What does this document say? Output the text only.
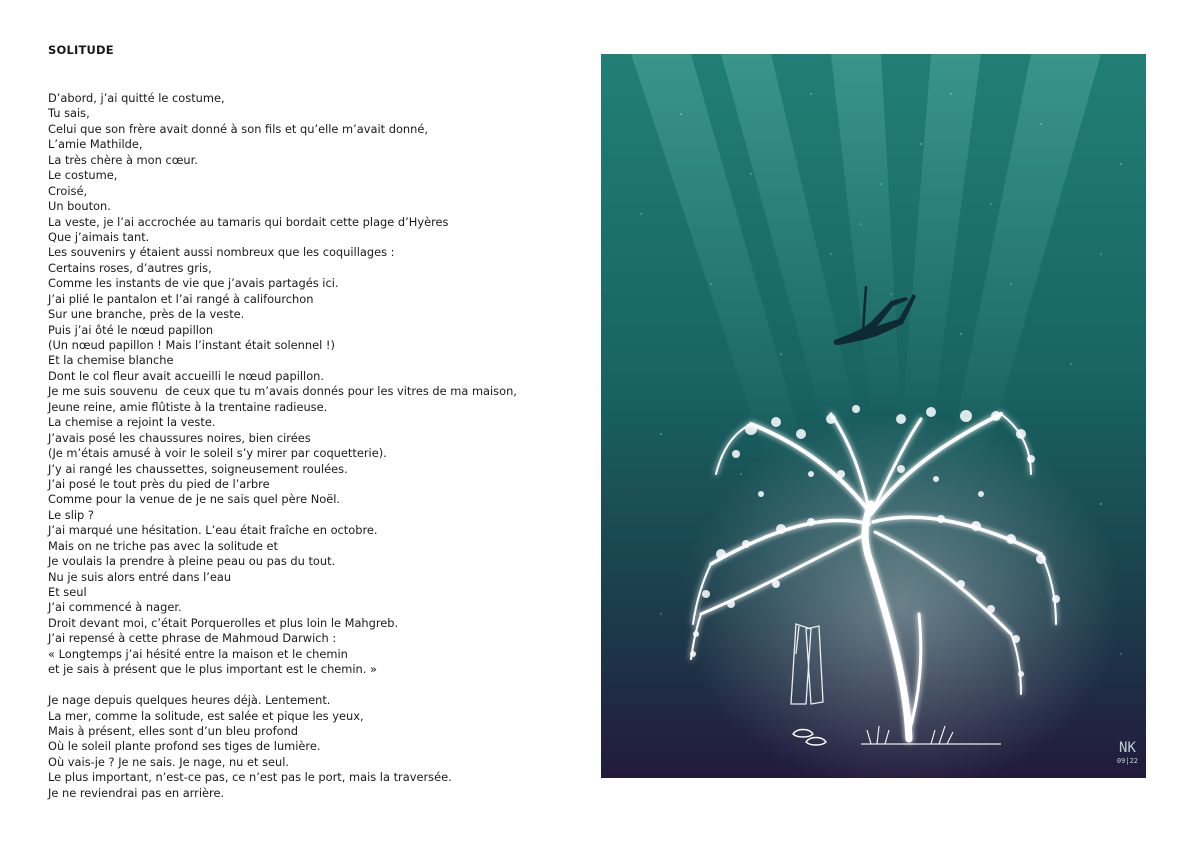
SOLITUDE
D’abord, j’ai quitté le costume,
Tu sais,
Celui que son frère avait donné à son fils et qu’elle m’avait donné,
L’amie Mathilde,
La très chère à mon cœur.
Le costume,
Croisé,
Un bouton.
La veste, je l’ai accrochée au tamaris qui bordait cette plage d’Hyères
Que j’aimais tant.
Les souvenirs y étaient aussi nombreux que les coquillages :
Certains roses, d’autres gris,
Comme les instants de vie que j’avais partagés ici.
J’ai plié le pantalon et l’ai rangé à califourchon
Sur une branche, près de la veste.
Puis j’ai ôté le nœud papillon
(Un nœud papillon ! Mais l’instant était solennel !)
Et la chemise blanche
Dont le col fleur avait accueilli le nœud papillon.
Je me suis souvenu  de ceux que tu m’avais donnés pour les vitres de ma maison,
Jeune reine, amie flûtiste à la trentaine radieuse.
La chemise a rejoint la veste.
J’avais posé les chaussures noires, bien cirées
(Je m’étais amusé à voir le soleil s’y mirer par coquetterie).
J’y ai rangé les chaussettes, soigneusement roulées.
J’ai posé le tout près du pied de l’arbre
Comme pour la venue de je ne sais quel père Noël.
Le slip ?
J’ai marqué une hésitation. L’eau était fraîche en octobre.
Mais on ne triche pas avec la solitude et
Je voulais la prendre à pleine peau ou pas du tout.
Nu je suis alors entré dans l’eau
Et seul
J’ai commencé à nager.
Droit devant moi, c’était Porquerolles et plus loin le Mahgreb.
J’ai repensé à cette phrase de Mahmoud Darwich :
« Longtemps j’ai hésité entre la maison et le chemin
et je sais à présent que le plus important est le chemin. »
Je nage depuis quelques heures déjà. Lentement.
La mer, comme la solitude, est salée et pique les yeux,
Mais à présent, elles sont d’un bleu profond
Où le soleil plante profond ses tiges de lumière.
Où vais-je ? Je ne sais. Je nage, nu et seul.
Le plus important, n’est-ce pas, ce n’est pas le port, mais la traversée.
Je ne reviendrai pas en arrière.
NK
09|22
